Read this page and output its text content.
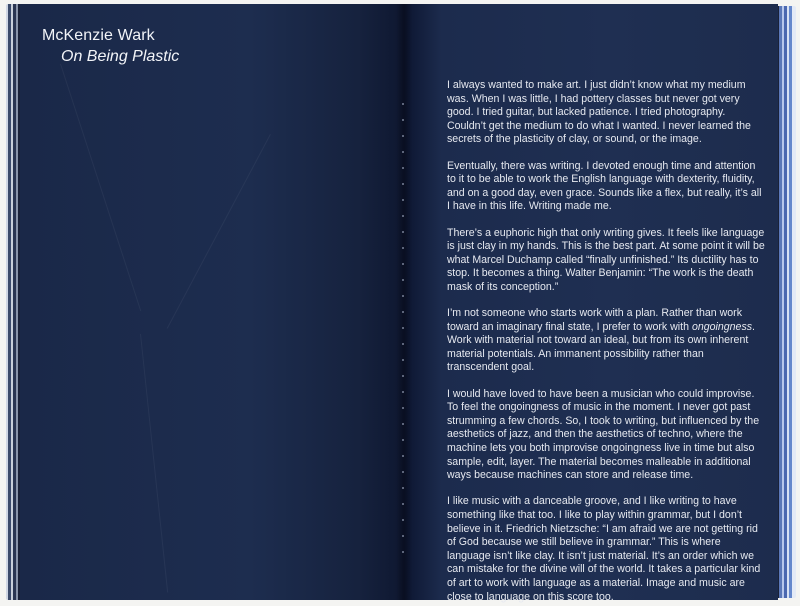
McKenzie Wark
On Being Plastic

I always wanted to make art. I just didn’t know what my medium was. When I was little, I had pottery classes but never got very good. I tried guitar, but lacked patience. I tried photography. Couldn’t get the medium to do what I wanted. I never learned the secrets of the plasticity of clay, or sound, or the image.

Eventually, there was writing. I devoted enough time and attention to it to be able to work the English language with dexterity, fluidity, and on a good day, even grace. Sounds like a flex, but really, it’s all I have in this life. Writing made me.

There’s a euphoric high that only writing gives. It feels like language is just clay in my hands. This is the best part. At some point it will be what Marcel Duchamp called “finally unfinished.” Its ductility has to stop. It becomes a thing. Walter Benjamin: “The work is the death mask of its conception.”

I’m not someone who starts work with a plan. Rather than work toward an imaginary final state, I prefer to work with ongoingness. Work with material not toward an ideal, but from its own inherent material potentials. An immanent possibility rather than transcendent goal.

I would have loved to have been a musician who could improvise. To feel the ongoingness of music in the moment. I never got past strumming a few chords. So, I took to writing, but influenced by the aesthetics of jazz, and then the aesthetics of techno, where the machine lets you both improvise ongoingness live in time but also sample, edit, layer. The material becomes malleable in additional ways because machines can store and release time.

I like music with a danceable groove, and I like writing to have something like that too. I like to play within grammar, but I don’t believe in it. Friedrich Nietzsche: “I am afraid we are not getting rid of God because we still believe in grammar.” This is where language isn’t like clay. It isn’t just material. It’s an order which we can mistake for the divine will of the world. It takes a particular kind of art to work with language as a material. Image and music are close to language on this score too.
